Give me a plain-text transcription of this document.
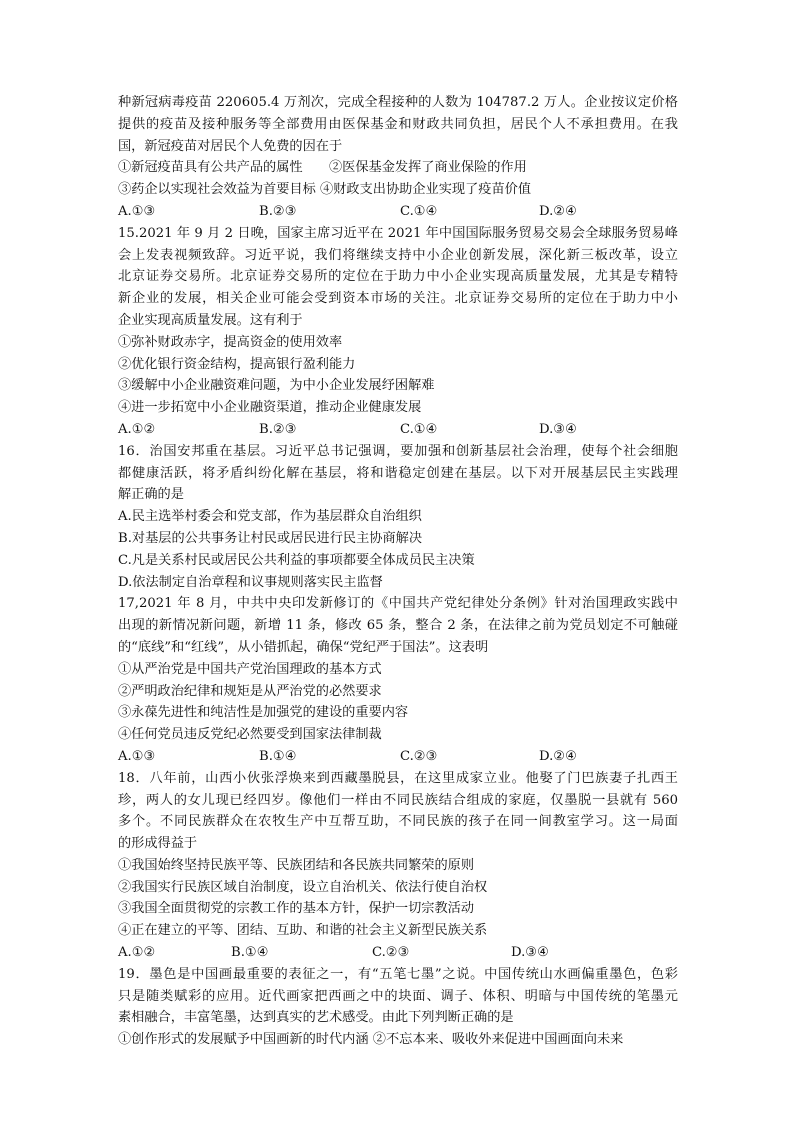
种新冠病毒疫苗 220605.4 万剂次，完成全程接种的人数为 104787.2 万人。企业按议定价格
提供的疫苗及接种服务等全部费用由医保基金和财政共同负担，居民个人不承担费用。在我
国，新冠疫苗对居民个人免费的因在于
①新冠疫苗具有公共产品的属性　　②医保基金发挥了商业保险的作用
③药企以实现社会效益为首要目标 ④财政支出协助企业实现了疫苗价值
A.①③	B.②③	C.①④	D.②④
15.2021 年 9 月 2 日晚，国家主席习近平在 2021 年中国国际服务贸易交易会全球服务贸易峰
会上发表视频致辞。习近平说，我们将继续支持中小企业创新发展，深化新三板改革，设立
北京证券交易所。北京证券交易所的定位在于助力中小企业实现高质量发展，尤其是专精特
新企业的发展，相关企业可能会受到资本市场的关注。北京证券交易所的定位在于助力中小
企业实现高质量发展。这有利于
①弥补财政赤字，提高资金的使用效率
②优化银行资金结构，提高银行盈利能力
③缓解中小企业融资难问题，为中小企业发展纾困解难
④进一步拓宽中小企业融资渠道，推动企业健康发展
A.①②	B.②③	C.①④	D.③④
16．治国安邦重在基层。习近平总书记强调，要加强和创新基层社会治理，使每个社会细胞
都健康活跃，将矛盾纠纷化解在基层，将和谐稳定创建在基层。以下对开展基层民主实践理
解正确的是
A.民主选举村委会和党支部，作为基层群众自治组织
B.对基层的公共事务让村民或居民进行民主协商解决
C.凡是关系村民或居民公共利益的事项都要全体成员民主决策
D.依法制定自治章程和议事规则落实民主监督
17,2021 年 8 月，中共中央印发新修订的《中国共产党纪律处分条例》针对治国理政实践中
出现的新情况新问题，新增 11 条，修改 65 条，整合 2 条，在法律之前为党员划定不可触碰
的“底线”和“红线”，从小错抓起，确保“党纪严于国法”。这表明
①从严治党是中国共产党治国理政的基本方式
②严明政治纪律和规矩是从严治党的必然要求
③永葆先进性和纯洁性是加强党的建设的重要内容
④任何党员违反党纪必然要受到国家法律制裁
A.①③	B.①④	C.②③	D.②④
18．八年前，山西小伙张浮焕来到西藏墨脱县，在这里成家立业。他娶了门巴族妻子扎西王
珍，两人的女儿现已经四岁。像他们一样由不同民族结合组成的家庭，仅墨脱一县就有 560
多个。不同民族群众在农牧生产中互帮互助，不同民族的孩子在同一间教室学习。这一局面
的形成得益于
①我国始终坚持民族平等、民族团结和各民族共同繁荣的原则
②我国实行民族区域自治制度，设立自治机关、依法行使自治权
③我国全面贯彻党的宗教工作的基本方针，保护一切宗教活动
④正在建立的平等、团结、互助、和谐的社会主义新型民族关系
A.①②	B.①④	C.②③	D.③④
19．墨色是中国画最重要的表征之一，有“五笔七墨”之说。中国传统山水画偏重墨色，色彩
只是随类赋彩的应用。近代画家把西画之中的块面、调子、体积、明暗与中国传统的笔墨元
素相融合，丰富笔墨，达到真实的艺术感受。由此下列判断正确的是
①创作形式的发展赋予中国画新的时代内涵 ②不忘本来、吸收外来促进中国画面向未来
